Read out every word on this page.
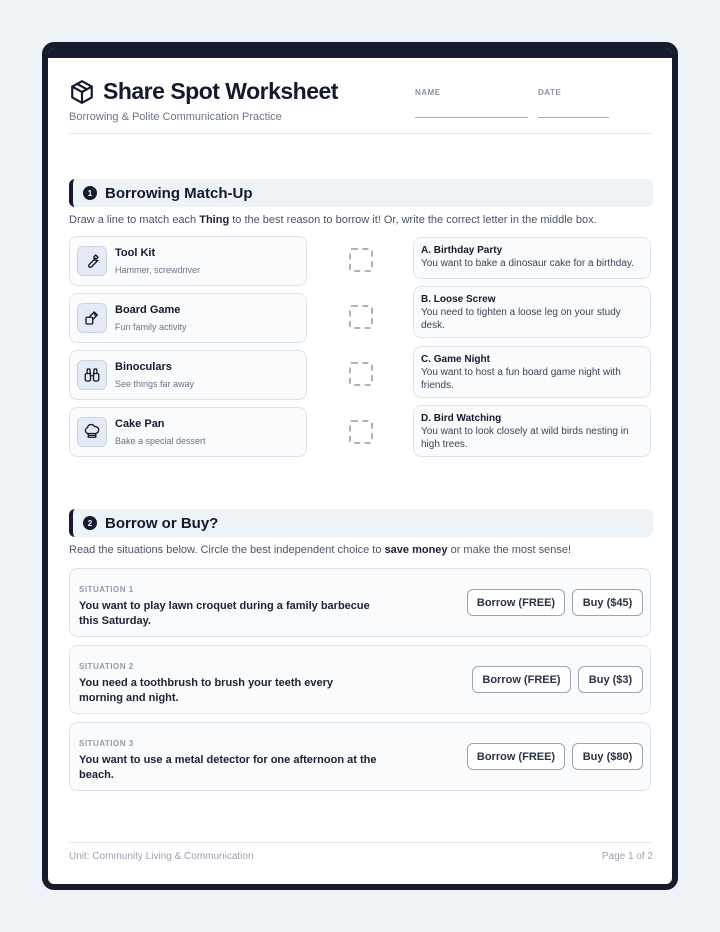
Share Spot Worksheet
Borrowing & Polite Communication Practice
NAME	DATE
1 Borrowing Match-Up
Draw a line to match each Thing to the best reason to borrow it! Or, write the correct letter in the middle box.
Tool Kit
Hammer, screwdriver
Board Game
Fun family activity
Binoculars
See things far away
Cake Pan
Bake a special dessert
A. Birthday Party
You want to bake a dinosaur cake for a birthday.
B. Loose Screw
You need to tighten a loose leg on your study desk.
C. Game Night
You want to host a fun board game night with friends.
D. Bird Watching
You want to look closely at wild birds nesting in high trees.
2 Borrow or Buy?
Read the situations below. Circle the best independent choice to save money or make the most sense!
SITUATION 1
You want to play lawn croquet during a family barbecue this Saturday.
Borrow (FREE)	Buy ($45)
SITUATION 2
You need a toothbrush to brush your teeth every morning and night.
Borrow (FREE)	Buy ($3)
SITUATION 3
You want to use a metal detector for one afternoon at the beach.
Borrow (FREE)	Buy ($80)
Unit: Community Living & Communication	Page 1 of 2
